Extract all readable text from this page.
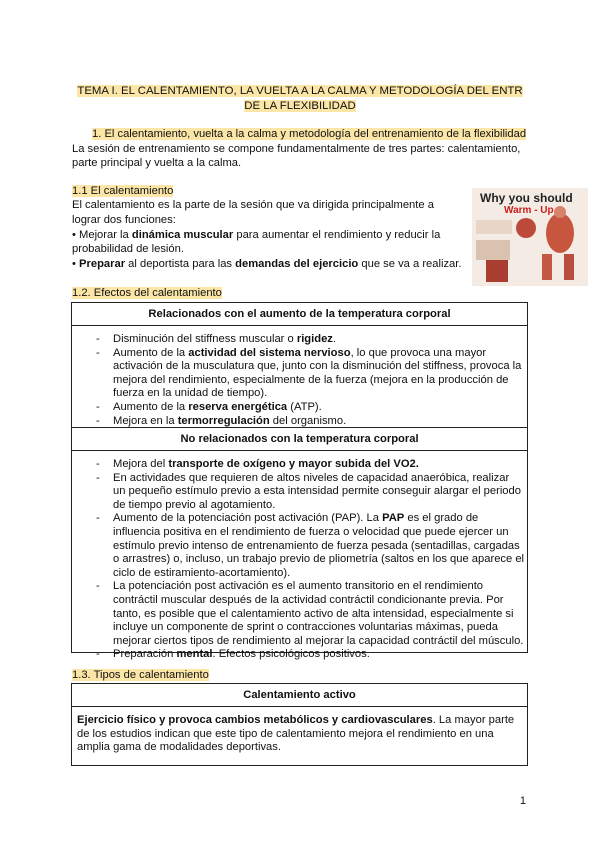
TEMA I. EL CALENTAMIENTO, LA VUELTA A LA CALMA Y METODOLOGÍA DEL ENTR
DE LA FLEXIBILIDAD
1. El calentamiento, vuelta a la calma y metodología del entrenamiento de la flexibilidad
La sesión de entrenamiento se compone fundamentalmente de tres partes: calentamiento,
parte principal y vuelta a la calma.
1.1 El calentamiento
El calentamiento es la parte de la sesión que va dirigida principalmente a
lograr dos funciones:
• Mejorar la dinámica muscular para aumentar el rendimiento y reducir la
probabilidad de lesión.
• Preparar al deportista para las demandas del ejercicio que se va a realizar.
Why you should
Warm - Up
1.2. Efectos del calentamiento
Relacionados con el aumento de la temperatura corporal
- Disminución del stiffness muscular o rigidez.
- Aumento de la actividad del sistema nervioso, lo que provoca una mayor
activación de la musculatura que, junto con la disminución del stiffness, provoca la
mejora del rendimiento, especialmente de la fuerza (mejora en la producción de
fuerza en la unidad de tiempo).
- Aumento de la reserva energética (ATP).
- Mejora en la termorregulación del organismo.
No relacionados con la temperatura corporal
- Mejora del transporte de oxígeno y mayor subida del VO2.
- En actividades que requieren de altos niveles de capacidad anaeróbica, realizar
un pequeño estímulo previo a esta intensidad permite conseguir alargar el periodo
de tiempo previo al agotamiento.
- Aumento de la potenciación post activación (PAP). La PAP es el grado de
influencia positiva en el rendimiento de fuerza o velocidad que puede ejercer un
estímulo previo intenso de entrenamiento de fuerza pesada (sentadillas, cargadas
o arrastres) o, incluso, un trabajo previo de pliometría (saltos en los que aparece el
ciclo de estiramiento-acortamiento).
- La potenciación post activación es el aumento transitorio en el rendimiento
contráctil muscular después de la actividad contráctil condicionante previa. Por
tanto, es posible que el calentamiento activo de alta intensidad, especialmente si
incluye un componente de sprint o contracciones voluntarias máximas, pueda
mejorar ciertos tipos de rendimiento al mejorar la capacidad contráctil del músculo.
- Preparación mental. Efectos psicológicos positivos.
1.3. Tipos de calentamiento
Calentamiento activo
Ejercicio físico y provoca cambios metabólicos y cardiovasculares. La mayor parte
de los estudios indican que este tipo de calentamiento mejora el rendimiento en una
amplia gama de modalidades deportivas.
1
